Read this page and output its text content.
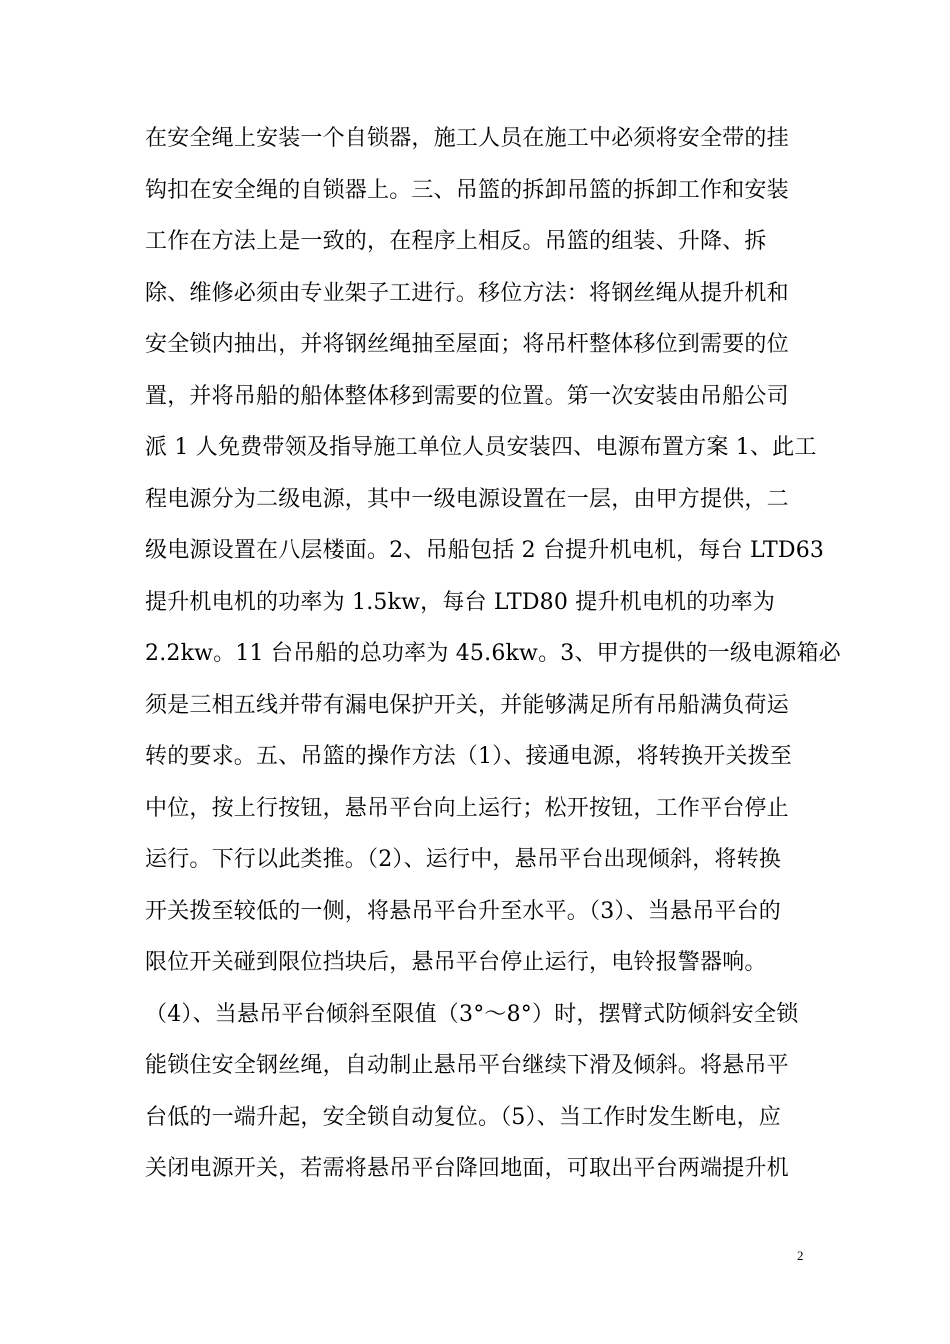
在安全绳上安装一个自锁器，施工人员在施工中必须将安全带的挂
钩扣在安全绳的自锁器上。三、吊篮的拆卸吊篮的拆卸工作和安装
工作在方法上是一致的，在程序上相反。吊篮的组装、升降、拆
除、维修必须由专业架子工进行。移位方法：将钢丝绳从提升机和
安全锁内抽出，并将钢丝绳抽至屋面；将吊杆整体移位到需要的位
置，并将吊船的船体整体移到需要的位置。第一次安装由吊船公司
派 1 人免费带领及指导施工单位人员安装四、电源布置方案 1、此工
程电源分为二级电源，其中一级电源设置在一层，由甲方提供，二
级电源设置在八层楼面。2、吊船包括 2 台提升机电机，每台 LTD63
提升机电机的功率为 1.5kw，每台 LTD80 提升机电机的功率为
2.2kw。11 台吊船的总功率为 45.6kw。3、甲方提供的一级电源箱必
须是三相五线并带有漏电保护开关，并能够满足所有吊船满负荷运
转的要求。五、吊篮的操作方法（1）、接通电源，将转换开关拨至
中位，按上行按钮，悬吊平台向上运行；松开按钮，工作平台停止
运行。下行以此类推。（2）、运行中，悬吊平台出现倾斜，将转换
开关拨至较低的一侧，将悬吊平台升至水平。（3）、当悬吊平台的
限位开关碰到限位挡块后，悬吊平台停止运行，电铃报警器响。
（4）、当悬吊平台倾斜至限值（3°～8°）时，摆臂式防倾斜安全锁
能锁住安全钢丝绳，自动制止悬吊平台继续下滑及倾斜。将悬吊平
台低的一端升起，安全锁自动复位。（5）、当工作时发生断电，应
关闭电源开关，若需将悬吊平台降回地面，可取出平台两端提升机
2
